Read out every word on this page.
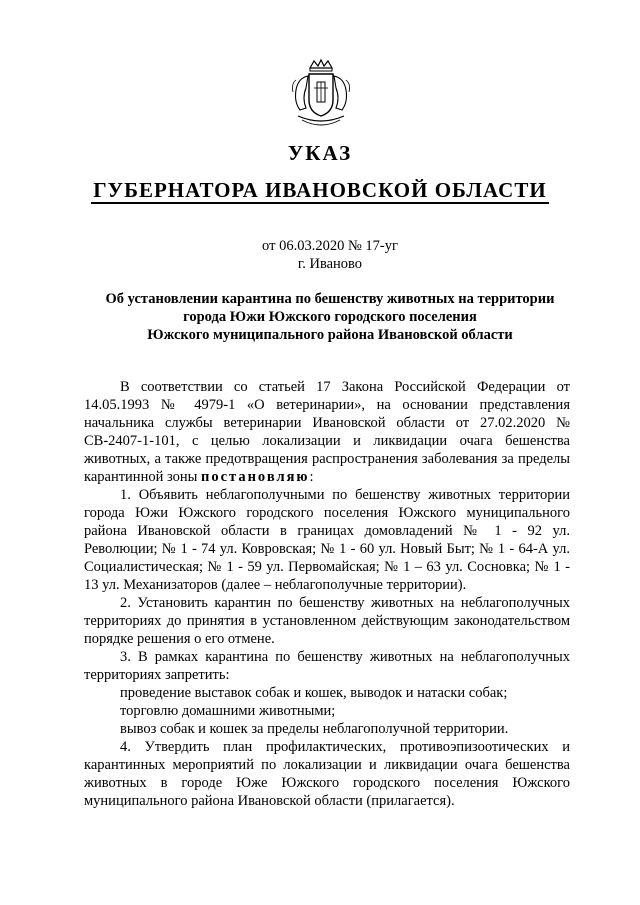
УКАЗ
ГУБЕРНАТОРА ИВАНОВСКОЙ ОБЛАСТИ
от 06.03.2020 № 17-уг
г. Иваново
Об установлении карантина по бешенству животных на территории
города Южи Южского городского поселения
Южского муниципального района Ивановской области

В соответствии со статьей 17 Закона Российской Федерации от 14.05.1993 № 4979-1 «О ветеринарии», на основании представления начальника службы ветеринарии Ивановской области от 27.02.2020 № СВ-2407-1-101, с целью локализации и ликвидации очага бешенства животных, а также предотвращения распространения заболевания за пределы карантинной зоны постановляю:

1. Объявить неблагополучными по бешенству животных территории города Южи Южского городского поселения Южского муниципального района Ивановской области в границах домовладений № 1 - 92 ул. Революции; № 1 - 74 ул. Ковровская; № 1 - 60 ул. Новый Быт; № 1 - 64-А ул. Социалистическая; № 1 - 59 ул. Первомайская; № 1 – 63 ул. Сосновка; № 1 - 13 ул. Механизаторов (далее – неблагополучные территории).

2. Установить карантин по бешенству животных на неблагополучных территориях до принятия в установленном действующим законодательством порядке решения о его отмене.

3. В рамках карантина по бешенству животных на неблагополучных территориях запретить:

проведение выставок собак и кошек, выводок и натаски собак;

торговлю домашними животными;

вывоз собак и кошек за пределы неблагополучной территории.

4. Утвердить план профилактических, противоэпизоотических и карантинных мероприятий по локализации и ликвидации очага бешенства животных в городе Юже Южского городского поселения Южского муниципального района Ивановской области (прилагается).
